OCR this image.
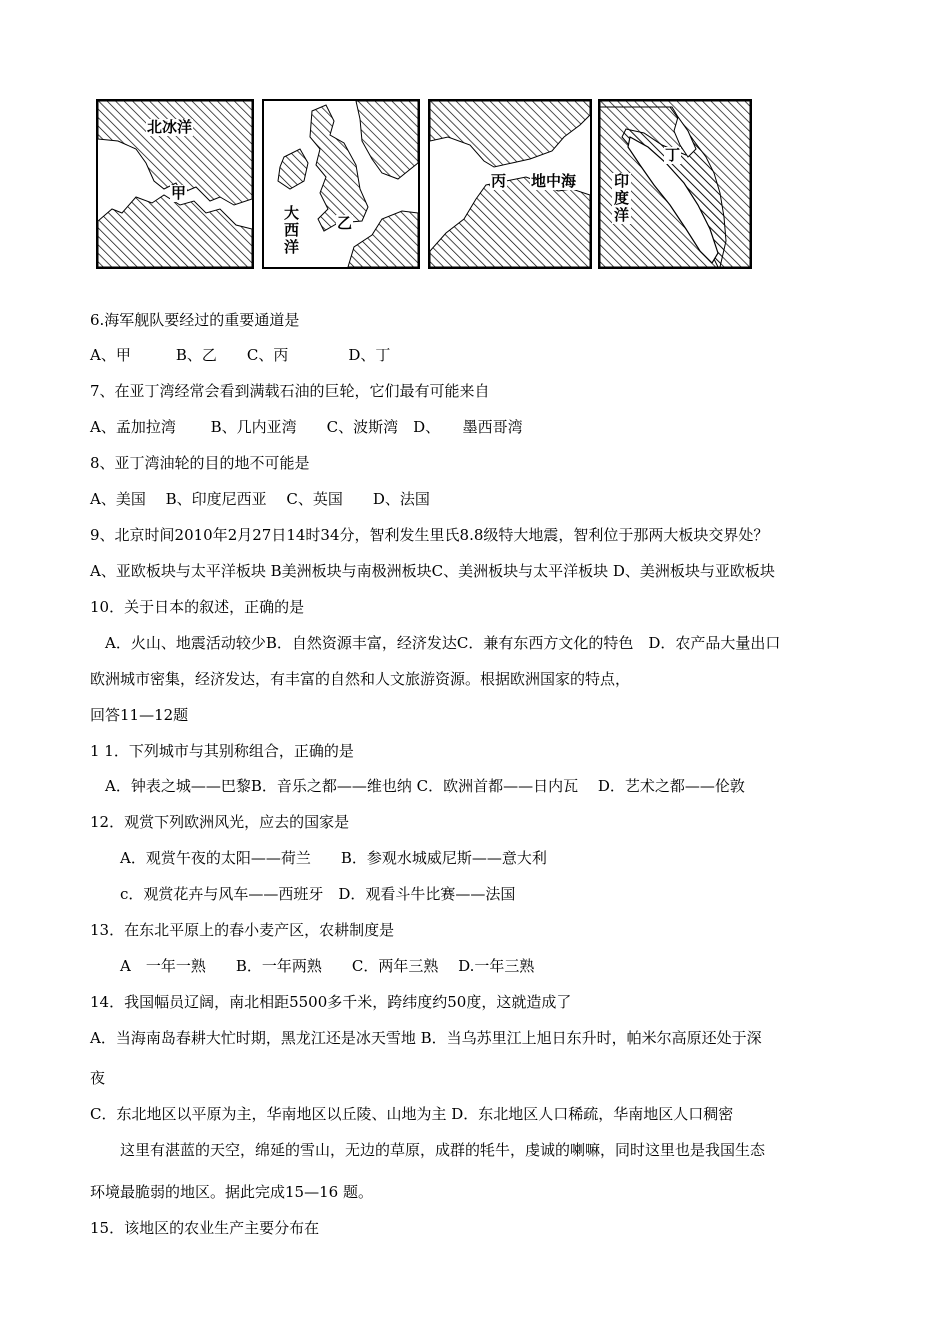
北冰洋
甲
大西洋
乙
丙 地中海
丁
印度洋
6.海军舰队要经过的重要通道是
A、甲　　　B、乙　　C、丙　　　　D、丁
7、在亚丁湾经常会看到满载石油的巨轮，它们最有可能来自
A、孟加拉湾　　 B、几内亚湾　　C、波斯湾　D、　　墨西哥湾
8、亚丁湾油轮的目的地不可能是
A、美国　 B、印度尼西亚　 C、英国　　D、法国
9、北京时间2010年2月27日14时34分，智利发生里氏8.8级特大地震，智利位于那两大板块交界处？
A、亚欧板块与太平洋板块 B美洲板块与南极洲板块C、美洲板块与太平洋板块 D、美洲板块与亚欧板块
10．关于日本的叙述，正确的是
　A．火山、地震活动较少B．自然资源丰富，经济发达C．兼有东西方文化的特色　D．农产品大量出口
欧洲城市密集，经济发达，有丰富的自然和人文旅游资源。根据欧洲国家的特点，
回答11—12题
1 1．下列城市与其别称组合，正确的是
　A．钟表之城——巴黎B．音乐之都——维也纳 C．欧洲首都——日内瓦　 D．艺术之都——伦敦
12．观赏下列欧洲风光，应去的国家是
　　A．观赏午夜的太阳——荷兰　　B．参观水城威尼斯——意大利
　　c．观赏花卉与风车——西班牙　D．观看斗牛比赛——法国
13．在东北平原上的春小麦产区，农耕制度是
　　A　一年一熟　　B．一年两熟　　C．两年三熟　 D.一年三熟
14．我国幅员辽阔，南北相距5500多千米，跨纬度约50度，这就造成了
A．当海南岛春耕大忙时期，黑龙江还是冰天雪地 B．当乌苏里江上旭日东升时，帕米尔高原还处于深
夜
C．东北地区以平原为主，华南地区以丘陵、山地为主 D．东北地区人口稀疏，华南地区人口稠密
　　这里有湛蓝的天空，绵延的雪山，无边的草原，成群的牦牛，虔诚的喇嘛，同时这里也是我国生态
环境最脆弱的地区。据此完成15—16 题。
15．该地区的农业生产主要分布在
